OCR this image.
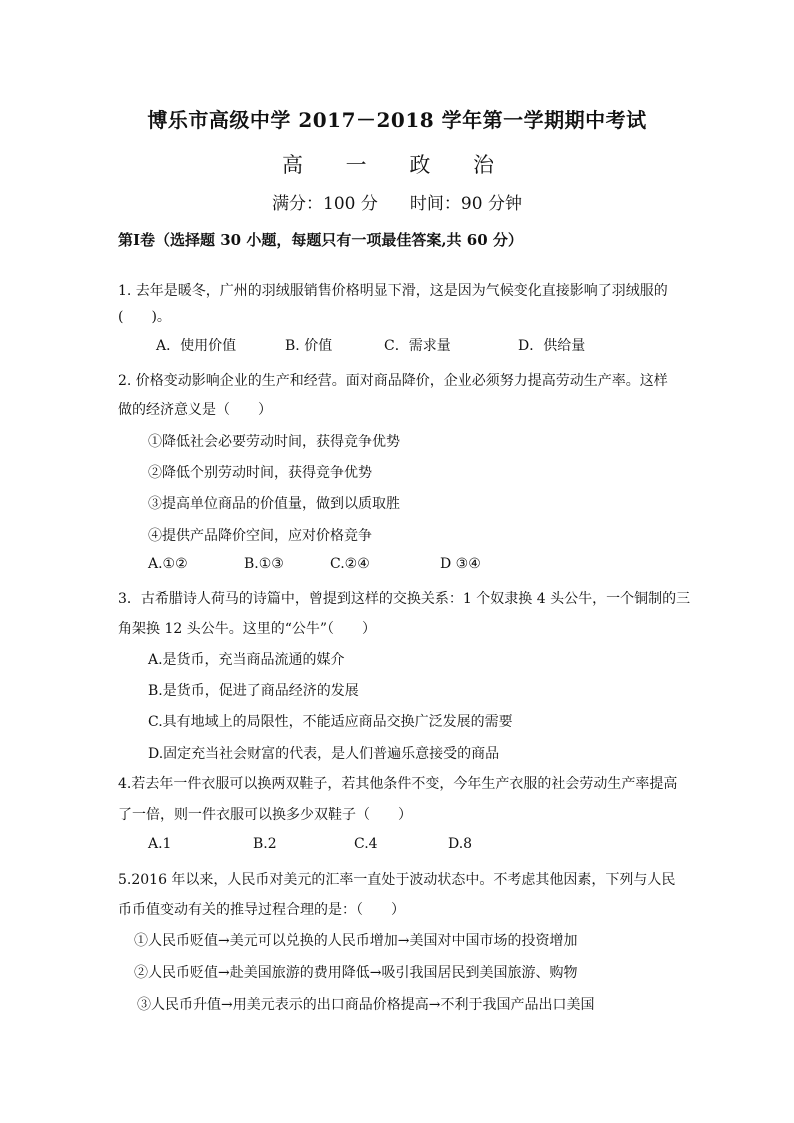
博乐市高级中学 2017－2018 学年第一学期期中考试
高 一 政 治
满分：100 分 时间：90 分钟
第Ⅰ卷（选择题 30 小题，每题只有一项最佳答案,共 60 分）
1. 去年是暖冬，广州的羽绒服销售价格明显下滑，这是因为气候变化直接影响了羽绒服的
(　　)。
A．使用价值	B. 价值	C．需求量	D．供给量
2. 价格变动影响企业的生产和经营。面对商品降价，企业必须努力提高劳动生产率。这样
做的经济意义是（　　）
①降低社会必要劳动时间，获得竞争优势
②降低个别劳动时间，获得竞争优势
③提高单位商品的价值量，做到以质取胜
④提供产品降价空间，应对价格竞争
A.①②	B.①③	C.②④	D ③④
3．古希腊诗人荷马的诗篇中，曾提到这样的交换关系：1 个奴隶换 4 头公牛，一个铜制的三
角架换 12 头公牛。这里的“公牛”（　　）
A.是货币，充当商品流通的媒介
B.是货币，促进了商品经济的发展
C.具有地域上的局限性，不能适应商品交换广泛发展的需要
D.固定充当社会财富的代表，是人们普遍乐意接受的商品
4.若去年一件衣服可以换两双鞋子，若其他条件不变，今年生产衣服的社会劳动生产率提高
了一倍，则一件衣服可以换多少双鞋子（　　）
A.1	B.2	C.4	D.8
5.2016 年以来，人民币对美元的汇率一直处于波动状态中。不考虑其他因素，下列与人民
币币值变动有关的推导过程合理的是：（　　）
①人民币贬值→美元可以兑换的人民币增加→美国对中国市场的投资增加
②人民币贬值→赴美国旅游的费用降低→吸引我国居民到美国旅游、购物
③人民币升值→用美元表示的出口商品价格提高→不利于我国产品出口美国
